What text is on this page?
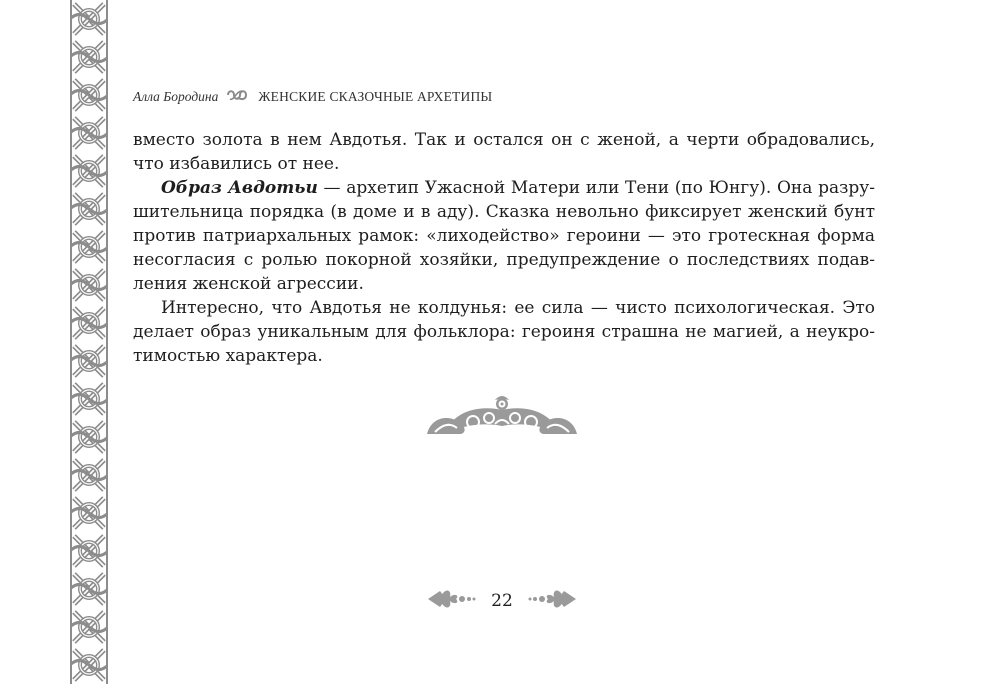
Алла Бородина	ЖЕНСКИЕ СКАЗОЧНЫЕ АРХЕТИПЫ

вместо золота в нем Авдотья. Так и остался он с женой, а черти обрадовались, что избавились от нее.

Образ Авдотьи — архетип Ужасной Матери или Тени (по Юнгу). Она разрушительница порядка (в доме и в аду). Сказка невольно фиксирует женский бунт против патриархальных рамок: «лиходейство» героини — это гротескная форма несогласия с ролью покорной хозяйки, предупреждение о последствиях подавления женской агрессии.

Интересно, что Авдотья не колдунья: ее сила — чисто психологическая. Это делает образ уникальным для фольклора: героиня страшна не магией, а неукротимостью характера.

22
